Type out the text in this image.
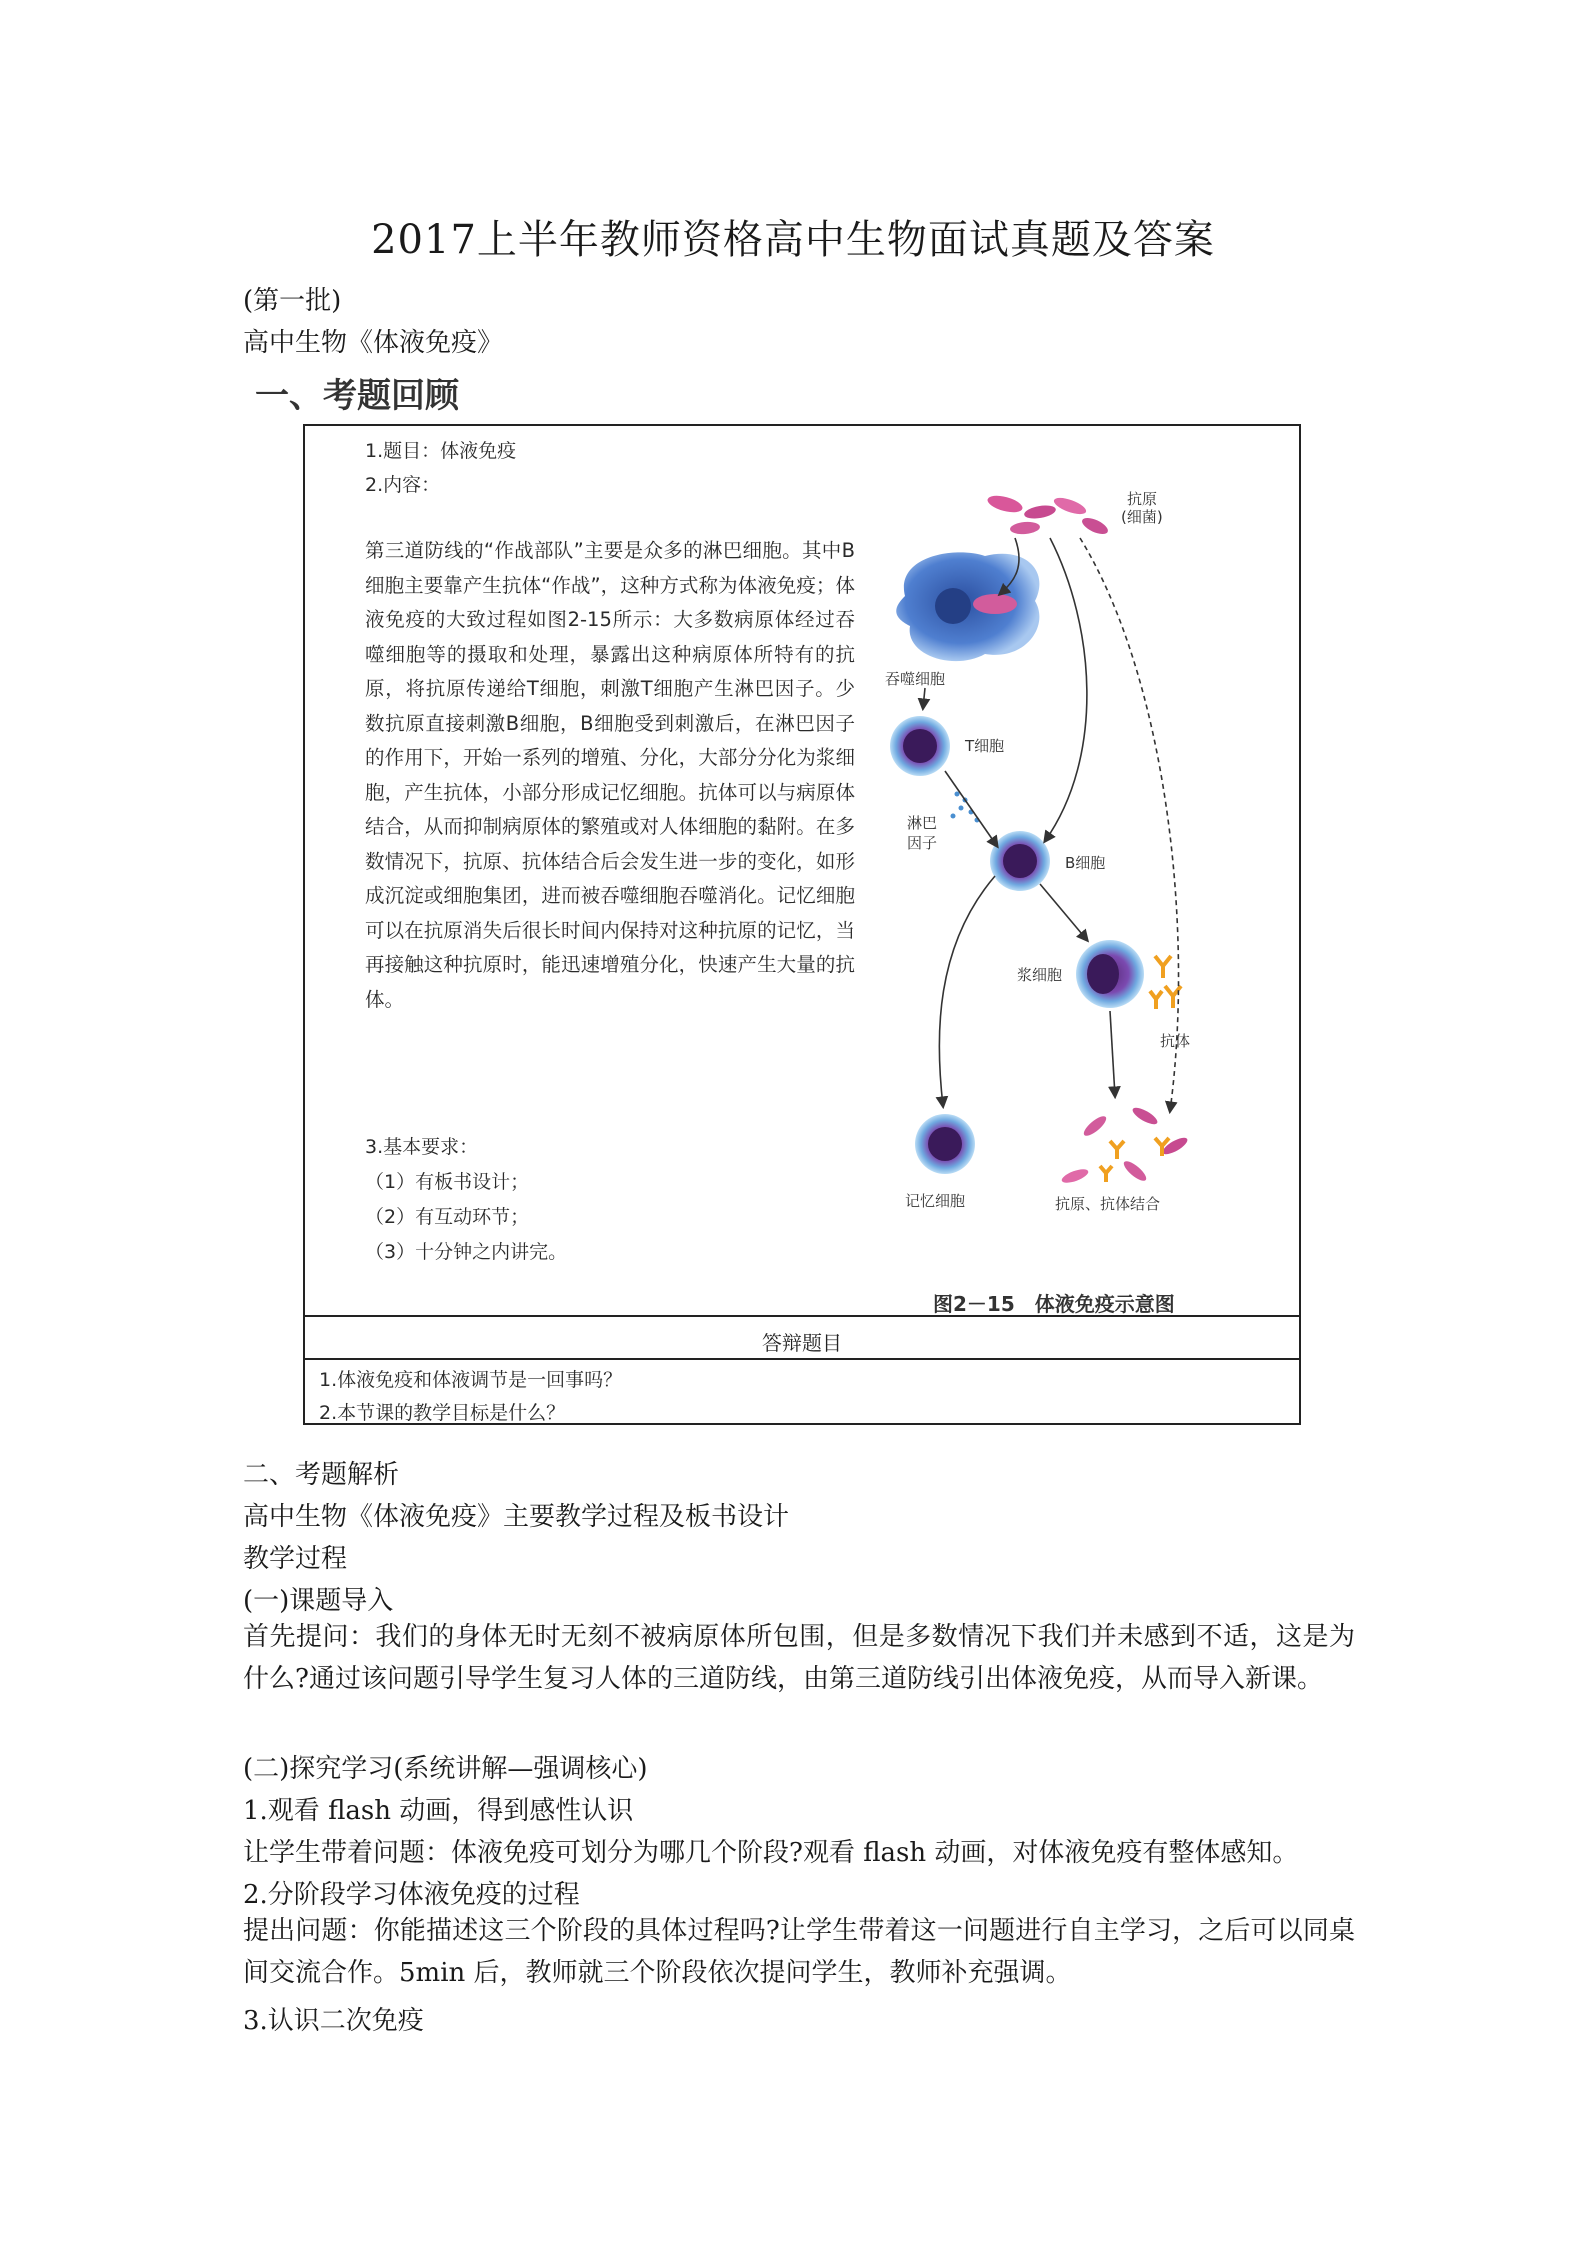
2017上半年教师资格高中生物面试真题及答案
(第一批)
高中生物《体液免疫》
一、考题回顾
1.题目：体液免疫
2.内容：
第三道防线的“作战部队”主要是众多的淋巴细胞。其中B细胞主要靠产生抗体“作战”，这种方式称为体液免疫；体液免疫的大致过程如图2-15所示：大多数病原体经过吞噬细胞等的摄取和处理，暴露出这种病原体所特有的抗原，将抗原传递给T细胞，刺激T细胞产生淋巴因子。少数抗原直接刺激B细胞，B细胞受到刺激后，在淋巴因子的作用下，开始一系列的增殖、分化，大部分分化为浆细胞，产生抗体，小部分形成记忆细胞。抗体可以与病原体结合，从而抑制病原体的繁殖或对人体细胞的黏附。在多数情况下，抗原、抗体结合后会发生进一步的变化，如形成沉淀或细胞集团，进而被吞噬细胞吞噬消化。记忆细胞可以在抗原消失后很长时间内保持对这种抗原的记忆，当再接触这种抗原时，能迅速增殖分化，快速产生大量的抗体。
3.基本要求：
（1）有板书设计；
（2）有互动环节；
（3）十分钟之内讲完。
抗原
(细菌)
吞噬细胞
T细胞
淋巴
因子
B细胞
浆细胞
抗体
记忆细胞	抗原、抗体结合
图2－15　体液免疫示意图
答辩题目
1.体液免疫和体液调节是一回事吗？
2.本节课的教学目标是什么？
二、考题解析
高中生物《体液免疫》主要教学过程及板书设计
教学过程
(一)课题导入
首先提问：我们的身体无时无刻不被病原体所包围，但是多数情况下我们并未感到不适，这是为什么?通过该问题引导学生复习人体的三道防线，由第三道防线引出体液免疫，从而导入新课。
(二)探究学习(系统讲解—强调核心)
1.观看 flash 动画，得到感性认识
让学生带着问题：体液免疫可划分为哪几个阶段?观看 flash 动画，对体液免疫有整体感知。
2.分阶段学习体液免疫的过程
提出问题：你能描述这三个阶段的具体过程吗?让学生带着这一问题进行自主学习，之后可以同桌间交流合作。5min 后，教师就三个阶段依次提问学生，教师补充强调。
3.认识二次免疫
